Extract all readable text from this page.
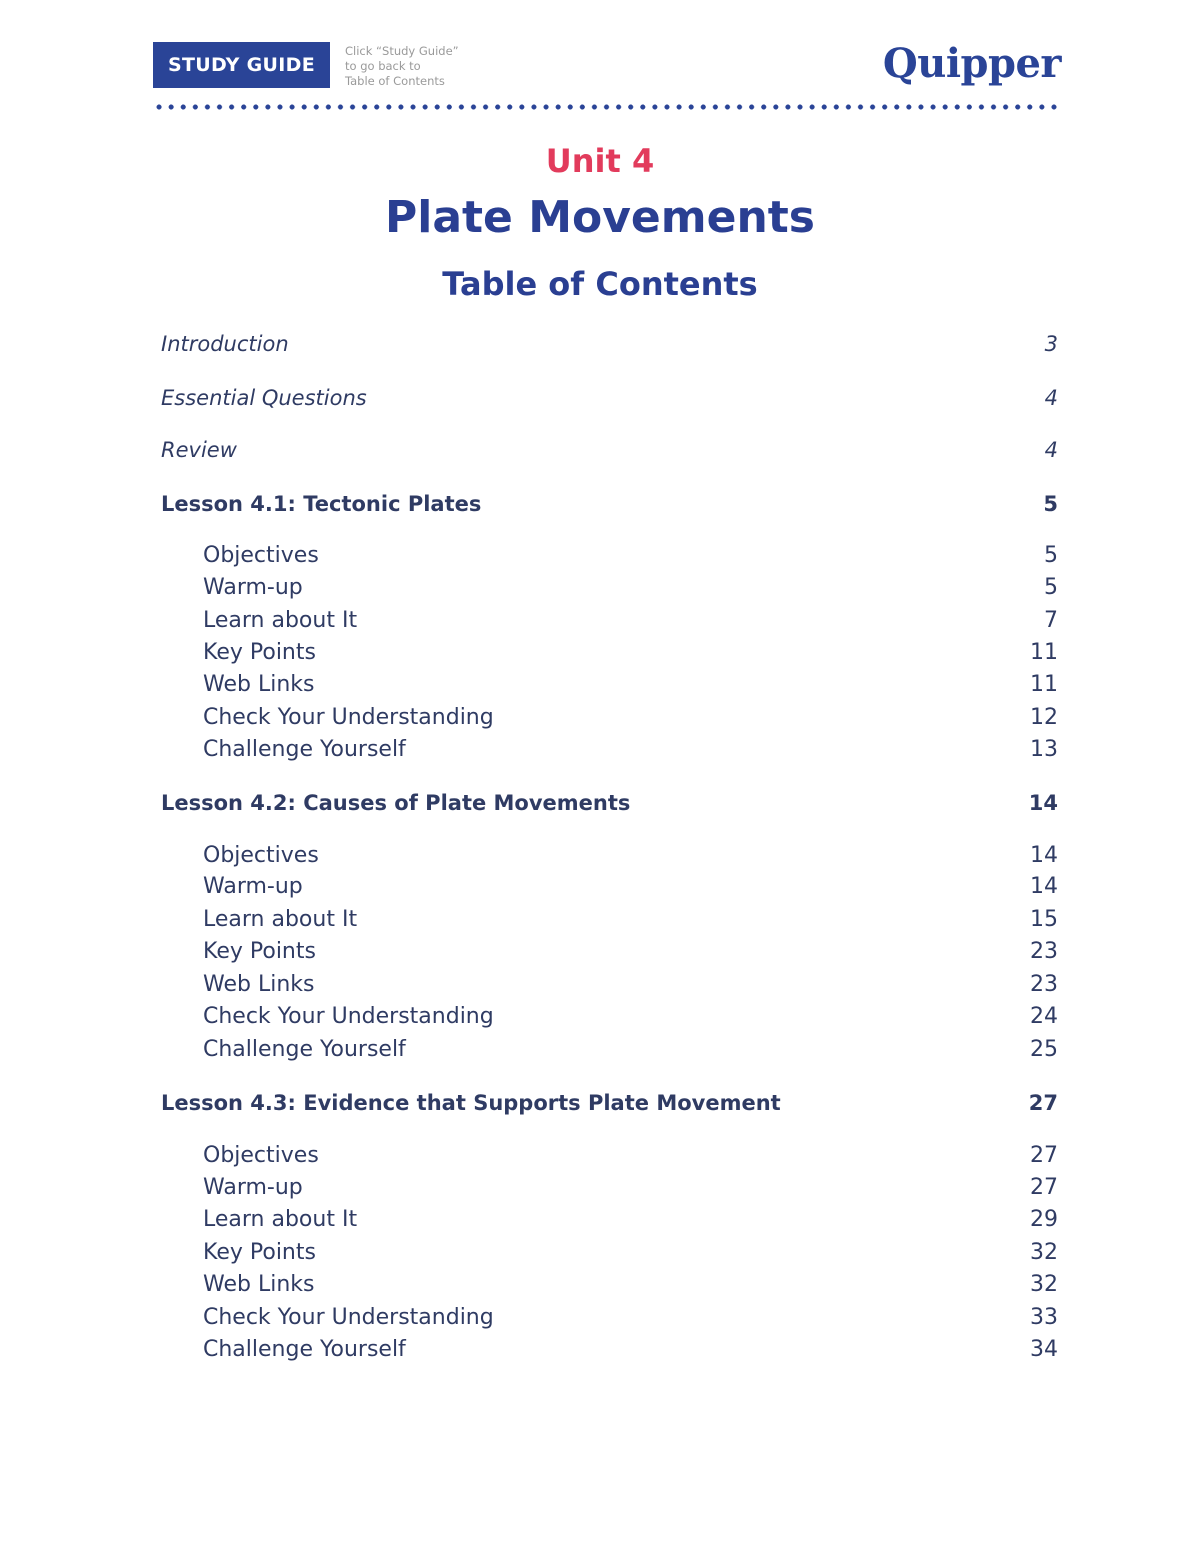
STUDY GUIDE
Click “Study Guide”
to go back to
Table of Contents	Quipper
Unit 4
Plate Movements
Table of Contents
Introduction	3
Essential Questions	4
Review	4
Lesson 4.1: Tectonic Plates	5
Objectives	5
Warm-up	5
Learn about It	7
Key Points	11
Web Links	11
Check Your Understanding	12
Challenge Yourself	13
Lesson 4.2: Causes of Plate Movements	14
Objectives	14
Warm-up	14
Learn about It	15
Key Points	23
Web Links	23
Check Your Understanding	24
Challenge Yourself	25
Lesson 4.3: Evidence that Supports Plate Movement	27
Objectives	27
Warm-up	27
Learn about It	29
Key Points	32
Web Links	32
Check Your Understanding	33
Challenge Yourself	34
